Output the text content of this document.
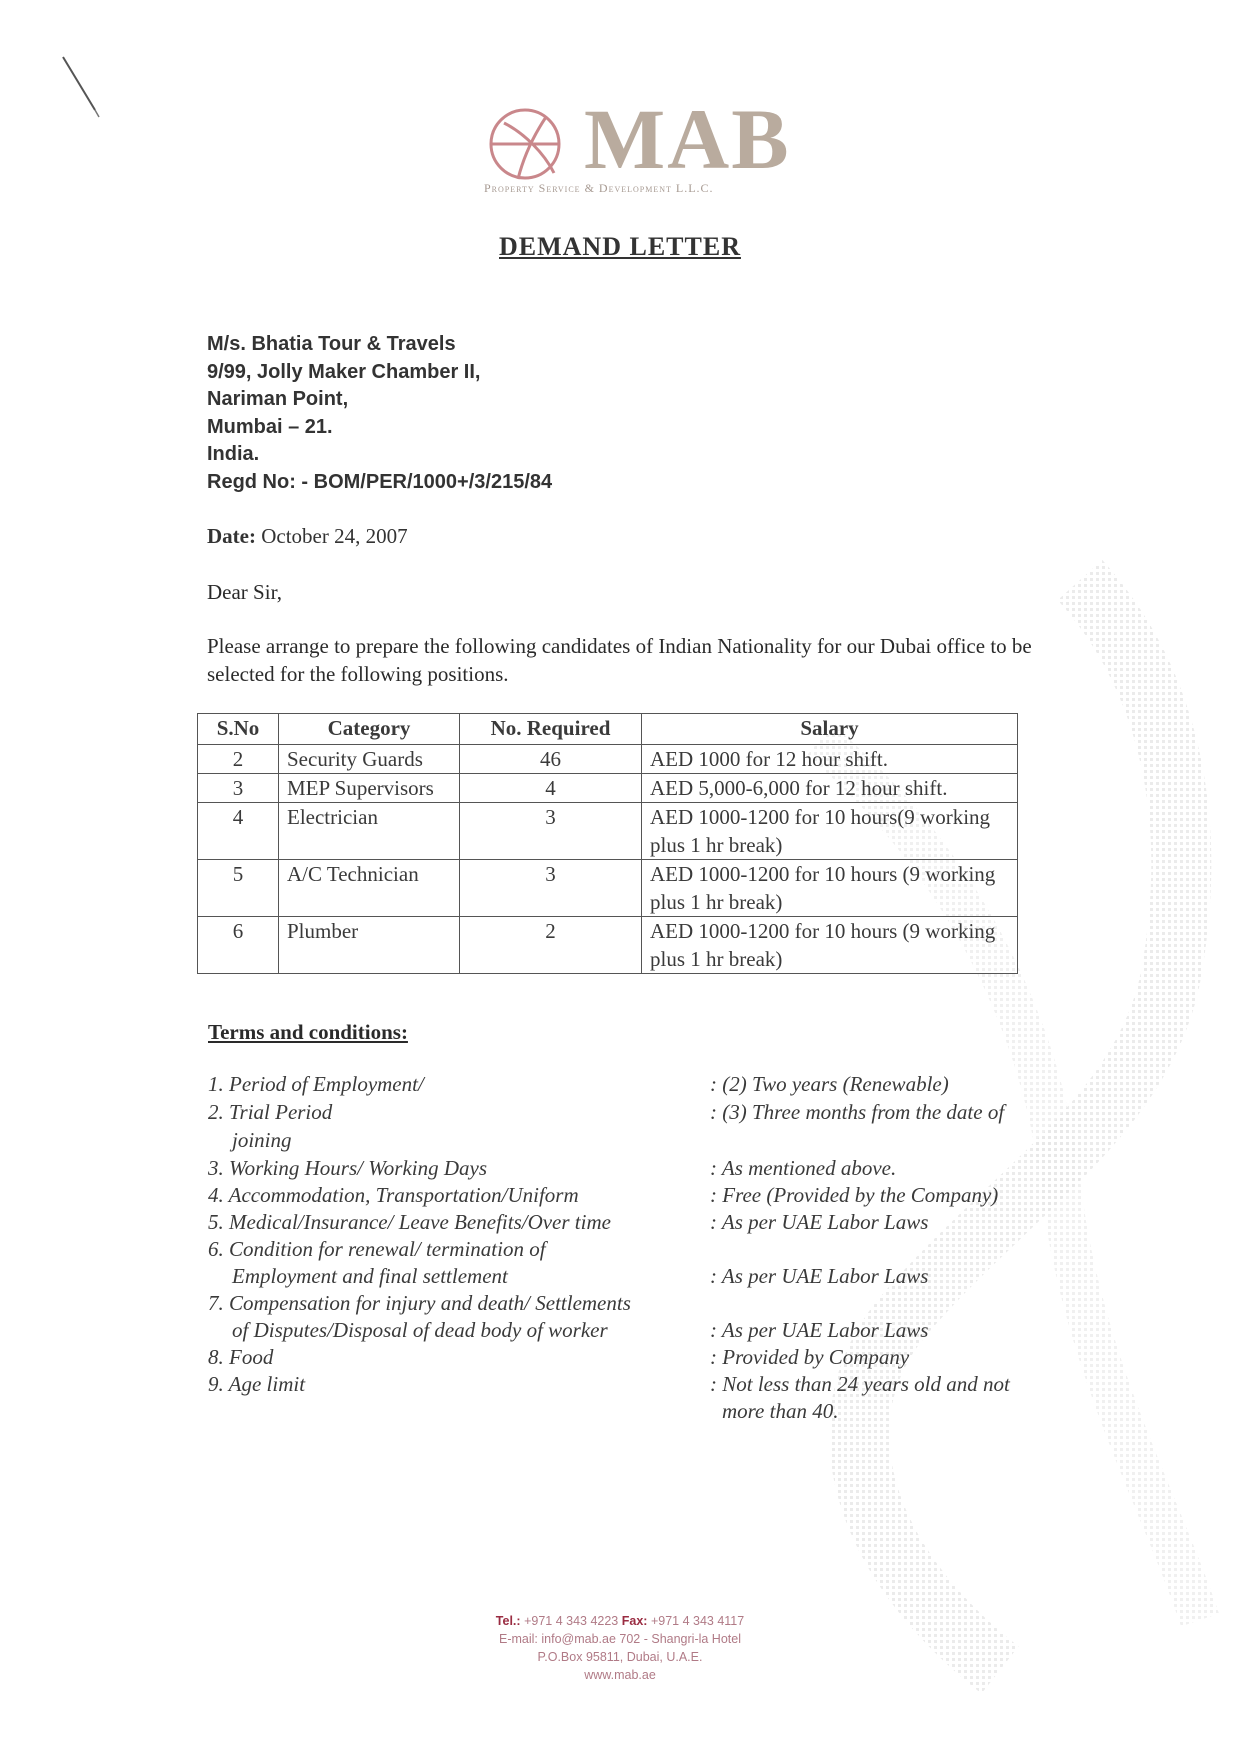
MAB
Property Service & Development L.L.C.
DEMAND LETTER
M/s. Bhatia Tour & Travels
9/99, Jolly Maker Chamber II,
Nariman Point,
Mumbai – 21.
India.
Regd No: - BOM/PER/1000+/3/215/84
Date: October 24, 2007
Dear Sir,
Please arrange to prepare the following candidates of Indian Nationality for our Dubai office to be selected for the following positions.
S.No	Category	No. Required	Salary
2	Security Guards	46	AED 1000 for 12 hour shift.
3	MEP Supervisors	4	AED 5,000-6,000 for 12 hour shift.
4	Electrician	3	AED 1000-1200 for 10 hours(9 working plus 1 hr break)
5	A/C Technician	3	AED 1000-1200 for 10 hours (9 working plus 1 hr break)
6	Plumber	2	AED 1000-1200 for 10 hours (9 working plus 1 hr break)
Terms and conditions:
1. Period of Employment/	: (2) Two years (Renewable)
2. Trial Period	: (3) Three months from the date of
joining
3. Working Hours/ Working Days	: As mentioned above.
4. Accommodation, Transportation/Uniform	: Free (Provided by the Company)
5. Medical/Insurance/ Leave Benefits/Over time	: As per UAE Labor Laws
6. Condition for renewal/ termination of
Employment and final settlement	: As per UAE Labor Laws
7. Compensation for injury and death/ Settlements
of Disputes/Disposal of dead body of worker	: As per UAE Labor Laws
8. Food	: Provided by Company
9. Age limit	: Not less than 24 years old and not
more than 40.
Tel.: +971 4 343 4223 Fax: +971 4 343 4117
E-mail: info@mab.ae 702 - Shangri-la Hotel
P.O.Box 95811, Dubai, U.A.E.
www.mab.ae
